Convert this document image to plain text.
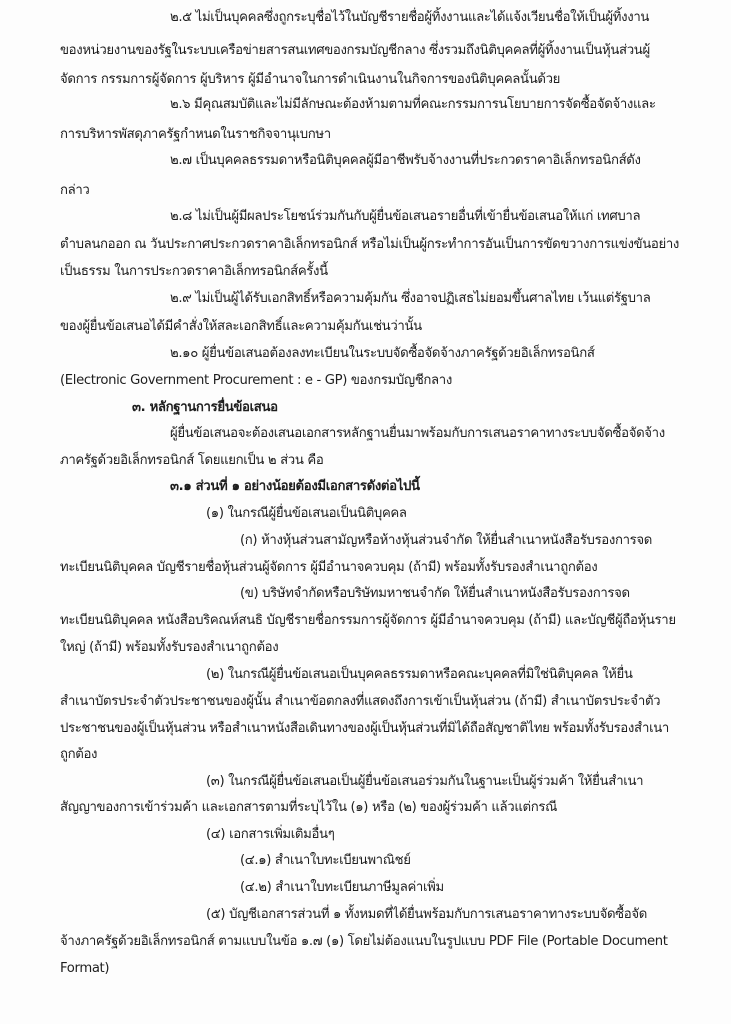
๒.๕ ไม่เป็นบุคคลซึ่งถูกระบุชื่อไว้ในบัญชีรายชื่อผู้ทิ้งงานและได้แจ้งเวียนชื่อให้เป็นผู้ทิ้งงาน
ของหน่วยงานของรัฐในระบบเครือข่ายสารสนเทศของกรมบัญชีกลาง ซึ่งรวมถึงนิติบุคคลที่ผู้ทิ้งงานเป็นหุ้นส่วนผู้
จัดการ กรรมการผู้จัดการ ผู้บริหาร ผู้มีอำนาจในการดำเนินงานในกิจการของนิติบุคคลนั้นด้วย
๒.๖ มีคุณสมบัติและไม่มีลักษณะต้องห้ามตามที่คณะกรรมการนโยบายการจัดซื้อจัดจ้างและ
การบริหารพัสดุภาครัฐกำหนดในราชกิจจานุเบกษา
๒.๗ เป็นบุคคลธรรมดาหรือนิติบุคคลผู้มีอาชีพรับจ้างงานที่ประกวดราคาอิเล็กทรอนิกส์ดัง
กล่าว
๒.๘ ไม่เป็นผู้มีผลประโยชน์ร่วมกันกับผู้ยื่นข้อเสนอรายอื่นที่เข้ายื่นข้อเสนอให้แก่ เทศบาล
ตำบลนกออก ณ วันประกาศประกวดราคาอิเล็กทรอนิกส์ หรือไม่เป็นผู้กระทำการอันเป็นการขัดขวางการแข่งขันอย่าง
เป็นธรรม ในการประกวดราคาอิเล็กทรอนิกส์ครั้งนี้
๒.๙ ไม่เป็นผู้ได้รับเอกสิทธิ์หรือความคุ้มกัน ซึ่งอาจปฏิเสธไม่ยอมขึ้นศาลไทย เว้นแต่รัฐบาล
ของผู้ยื่นข้อเสนอได้มีคำสั่งให้สละเอกสิทธิ์และความคุ้มกันเช่นว่านั้น
๒.๑๐ ผู้ยื่นข้อเสนอต้องลงทะเบียนในระบบจัดซื้อจัดจ้างภาครัฐด้วยอิเล็กทรอนิกส์
(Electronic Government Procurement : e - GP) ของกรมบัญชีกลาง
๓. หลักฐานการยื่นข้อเสนอ
ผู้ยื่นข้อเสนอจะต้องเสนอเอกสารหลักฐานยื่นมาพร้อมกับการเสนอราคาทางระบบจัดซื้อจัดจ้าง
ภาครัฐด้วยอิเล็กทรอนิกส์ โดยแยกเป็น ๒ ส่วน คือ
๓.๑ ส่วนที่ ๑ อย่างน้อยต้องมีเอกสารดังต่อไปนี้
(๑) ในกรณีผู้ยื่นข้อเสนอเป็นนิติบุคคล
(ก) ห้างหุ้นส่วนสามัญหรือห้างหุ้นส่วนจำกัด ให้ยื่นสำเนาหนังสือรับรองการจด
ทะเบียนนิติบุคคล บัญชีรายชื่อหุ้นส่วนผู้จัดการ ผู้มีอำนาจควบคุม (ถ้ามี) พร้อมทั้งรับรองสำเนาถูกต้อง
(ข) บริษัทจำกัดหรือบริษัทมหาชนจำกัด ให้ยื่นสำเนาหนังสือรับรองการจด
ทะเบียนนิติบุคคล หนังสือบริคณห์สนธิ บัญชีรายชื่อกรรมการผู้จัดการ ผู้มีอำนาจควบคุม (ถ้ามี) และบัญชีผู้ถือหุ้นราย
ใหญ่ (ถ้ามี) พร้อมทั้งรับรองสำเนาถูกต้อง
(๒) ในกรณีผู้ยื่นข้อเสนอเป็นบุคคลธรรมดาหรือคณะบุคคลที่มิใช่นิติบุคคล ให้ยื่น
สำเนาบัตรประจำตัวประชาชนของผู้นั้น สำเนาข้อตกลงที่แสดงถึงการเข้าเป็นหุ้นส่วน (ถ้ามี) สำเนาบัตรประจำตัว
ประชาชนของผู้เป็นหุ้นส่วน หรือสำเนาหนังสือเดินทางของผู้เป็นหุ้นส่วนที่มิได้ถือสัญชาติไทย พร้อมทั้งรับรองสำเนา
ถูกต้อง
(๓) ในกรณีผู้ยื่นข้อเสนอเป็นผู้ยื่นข้อเสนอร่วมกันในฐานะเป็นผู้ร่วมค้า ให้ยื่นสำเนา
สัญญาของการเข้าร่วมค้า และเอกสารตามที่ระบุไว้ใน (๑) หรือ (๒) ของผู้ร่วมค้า แล้วแต่กรณี
(๔) เอกสารเพิ่มเติมอื่นๆ
(๔.๑) สำเนาใบทะเบียนพาณิชย์
(๔.๒) สำเนาใบทะเบียนภาษีมูลค่าเพิ่ม
(๕) บัญชีเอกสารส่วนที่ ๑ ทั้งหมดที่ได้ยื่นพร้อมกับการเสนอราคาทางระบบจัดซื้อจัด
จ้างภาครัฐด้วยอิเล็กทรอนิกส์ ตามแบบในข้อ ๑.๗ (๑) โดยไม่ต้องแนบในรูปแบบ PDF File (Portable Document
Format)
